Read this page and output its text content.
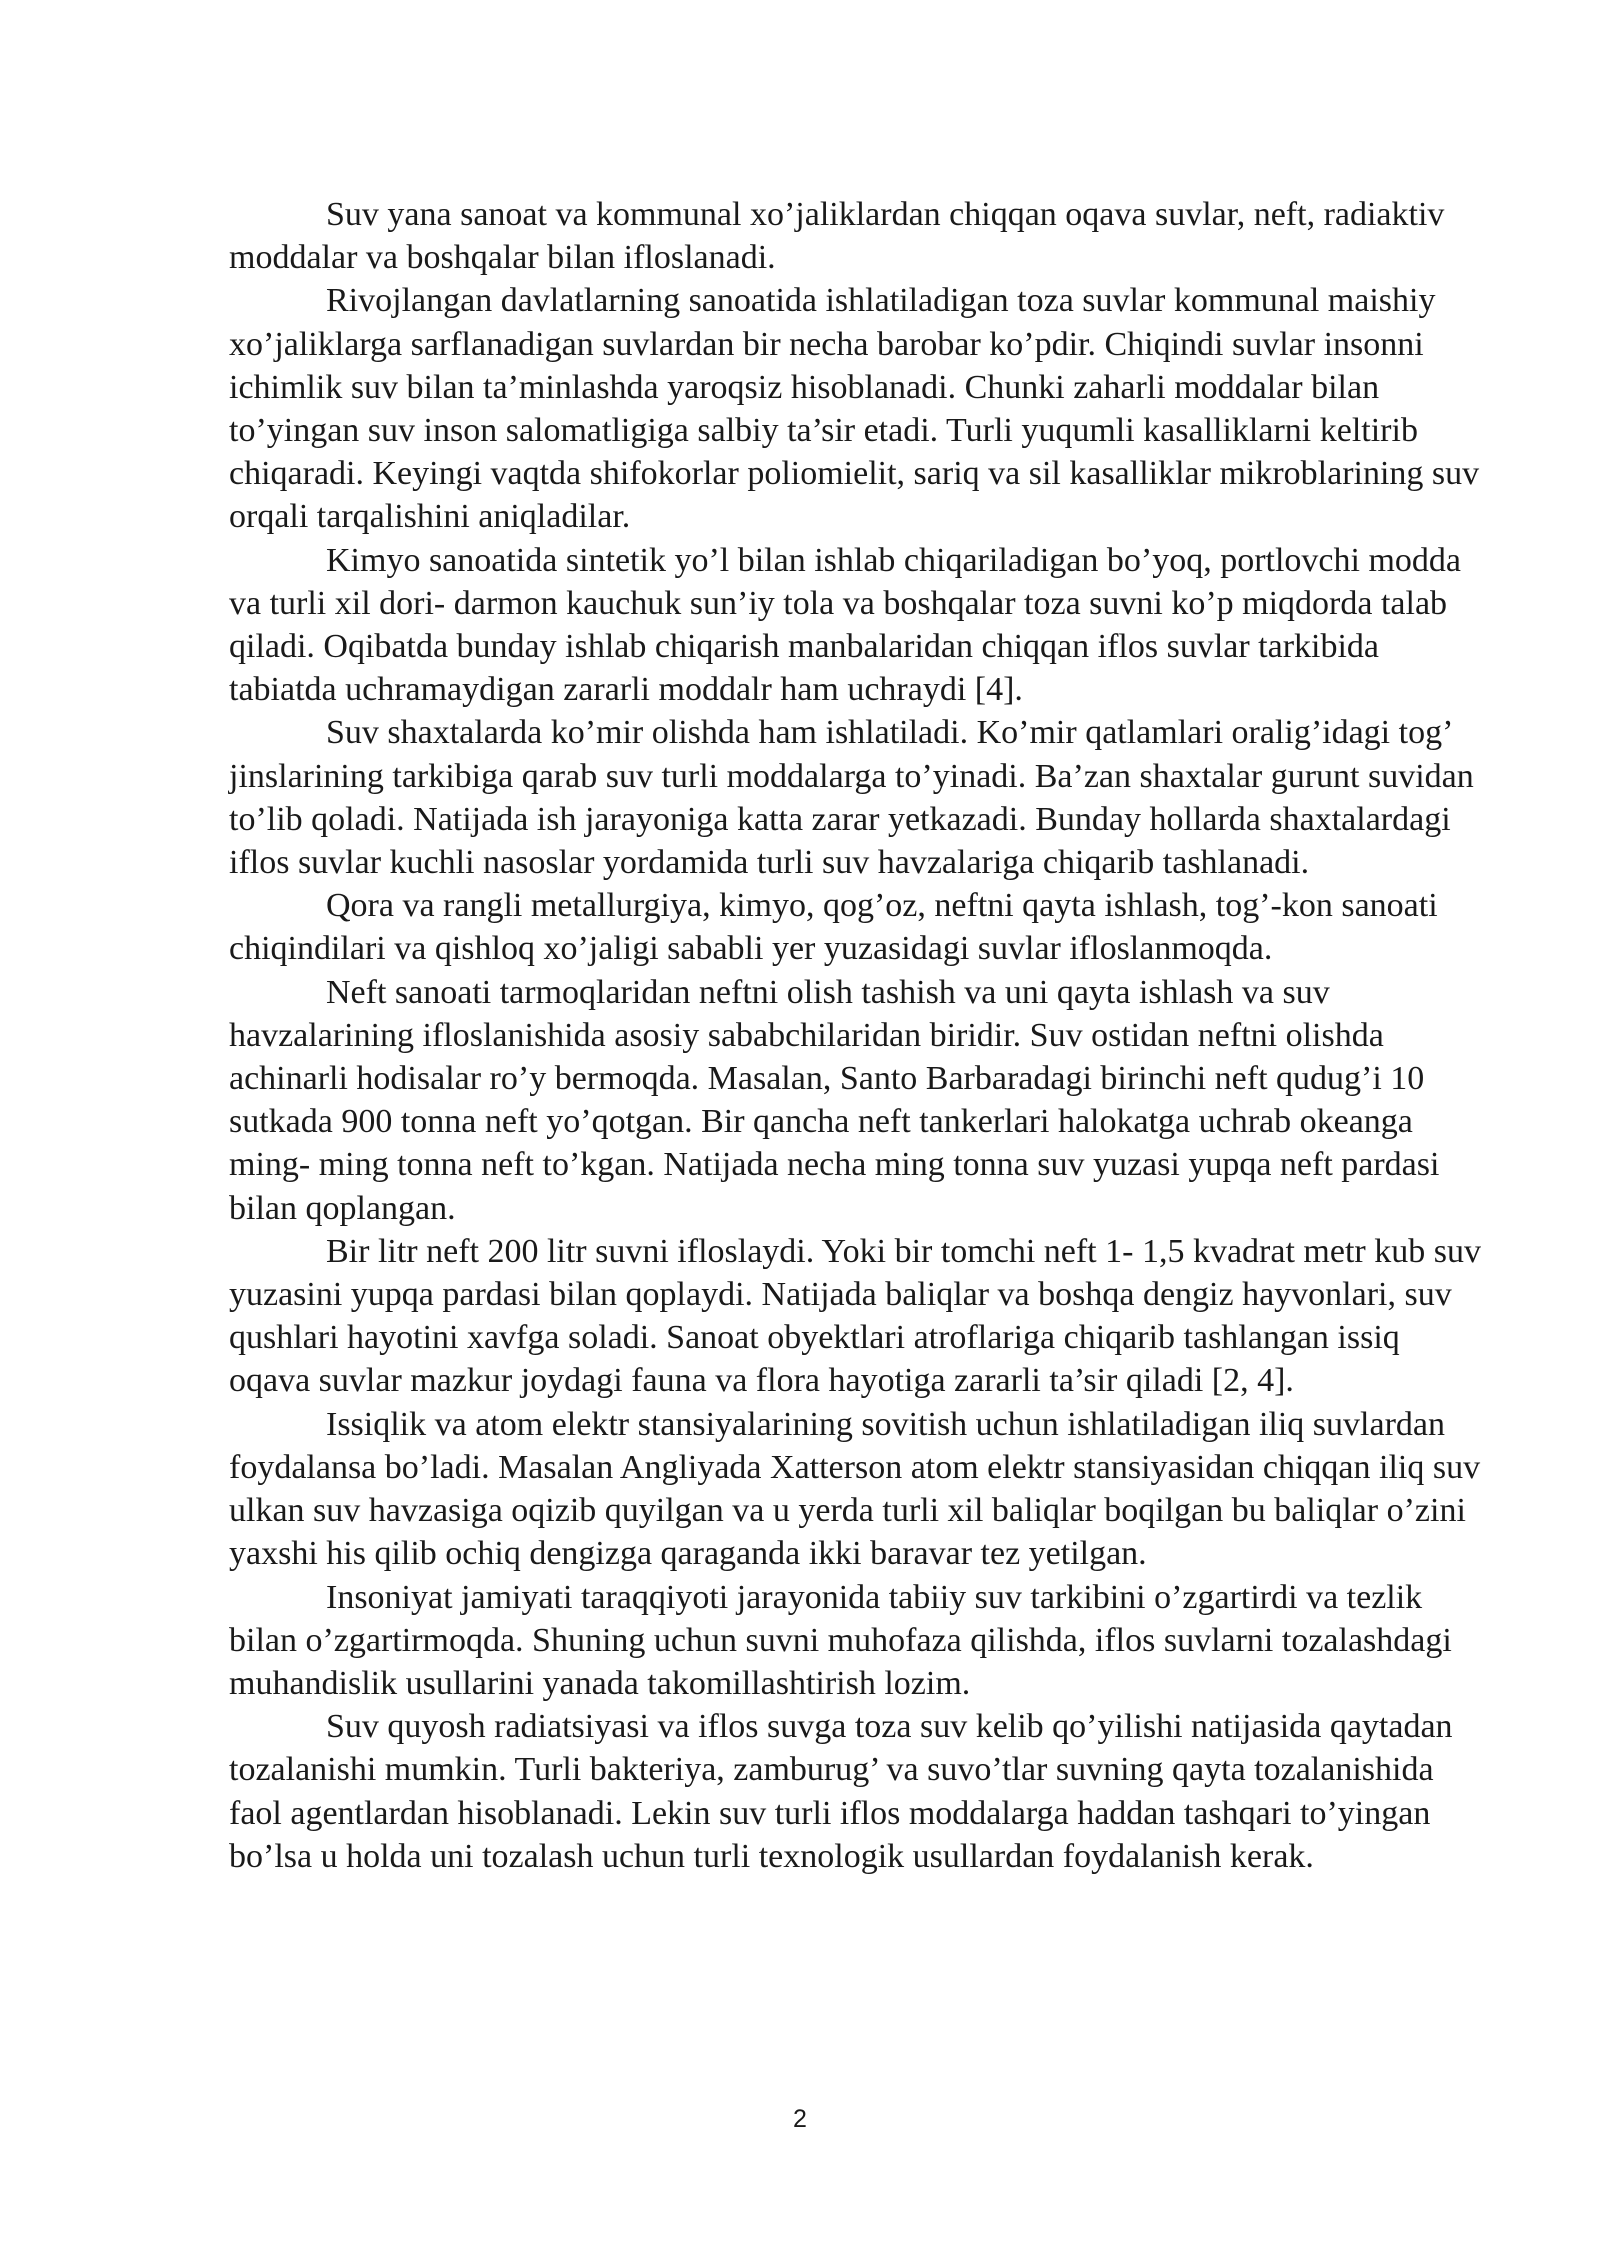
Suv yana sanoat va kommunal xo’jaliklardan chiqqan oqava suvlar, neft, radiaktiv moddalar va boshqalar bilan ifloslanadi.

Rivojlangan davlatlarning sanoatida ishlatiladigan toza suvlar kommunal maishiy xo’jaliklarga sarflanadigan suvlardan bir necha barobar ko’pdir. Chiqindi suvlar insonni ichimlik suv bilan ta’minlashda yaroqsiz hisoblanadi. Chunki zaharli moddalar bilan to’yingan suv inson salomatligiga salbiy ta’sir etadi. Turli yuqumli kasalliklarni keltirib chiqaradi. Keyingi vaqtda shifokorlar poliomielit, sariq va sil kasalliklar mikroblarining suv orqali tarqalishini aniqladilar.

Kimyo sanoatida sintetik yo’l bilan ishlab chiqariladigan bo’yoq, portlovchi modda va turli xil dori- darmon kauchuk sun’iy tola va boshqalar toza suvni ko’p miqdorda talab qiladi. Oqibatda bunday ishlab chiqarish manbalaridan chiqqan iflos suvlar tarkibida tabiatda uchramaydigan zararli moddalr ham uchraydi [4].

Suv shaxtalarda ko’mir olishda ham ishlatiladi. Ko’mir qatlamlari oralig’idagi tog’ jinslarining tarkibiga qarab suv turli moddalarga to’yinadi. Ba’zan shaxtalar gurunt suvidan to’lib qoladi. Natijada ish jarayoniga katta zarar yetkazadi. Bunday hollarda shaxtalardagi iflos suvlar kuchli nasoslar yordamida turli suv havzalariga chiqarib tashlanadi.

Qora va rangli metallurgiya, kimyo, qog’oz, neftni qayta ishlash, tog’-kon sanoati chiqindilari va qishloq xo’jaligi sababli yer yuzasidagi suvlar ifloslanmoqda.

Neft sanoati tarmoqlaridan neftni olish tashish va uni qayta ishlash va suv havzalarining ifloslanishida asosiy sababchilaridan biridir. Suv ostidan neftni olishda achinarli hodisalar ro’y bermoqda. Masalan, Santo Barbaradagi birinchi neft qudug’i 10 sutkada 900 tonna neft yo’qotgan. Bir qancha neft tankerlari halokatga uchrab okeanga ming- ming tonna neft to’kgan. Natijada necha ming tonna suv yuzasi yupqa neft pardasi bilan qoplangan.

Bir litr neft 200 litr suvni ifloslaydi. Yoki bir tomchi neft 1- 1,5 kvadrat metr kub suv yuzasini yupqa pardasi bilan qoplaydi. Natijada baliqlar va boshqa dengiz hayvonlari, suv qushlari hayotini xavfga soladi. Sanoat obyektlari atroflariga chiqarib tashlangan issiq oqava suvlar mazkur joydagi fauna va flora hayotiga zararli ta’sir qiladi [2, 4].

Issiqlik va atom elektr stansiyalarining sovitish uchun ishlatiladigan iliq suvlardan foydalansa bo’ladi. Masalan Angliyada Xatterson atom elektr stansiyasidan chiqqan iliq suv ulkan suv havzasiga oqizib quyilgan va u yerda turli xil baliqlar boqilgan bu baliqlar o’zini yaxshi his qilib ochiq dengizga qaraganda ikki baravar tez yetilgan.

Insoniyat jamiyati taraqqiyoti jarayonida tabiiy suv tarkibini o’zgartirdi va tezlik bilan o’zgartirmoqda. Shuning uchun suvni muhofaza qilishda, iflos suvlarni tozalashdagi muhandislik usullarini yanada takomillashtirish lozim.

Suv quyosh radiatsiyasi va iflos suvga toza suv kelib qo’yilishi natijasida qaytadan tozalanishi mumkin. Turli bakteriya, zamburug’ va suvo’tlar suvning qayta tozalanishida faol agentlardan hisoblanadi. Lekin suv turli iflos moddalarga haddan tashqari to’yingan bo’lsa u holda uni tozalash uchun turli texnologik usullardan foydalanish kerak.

2
